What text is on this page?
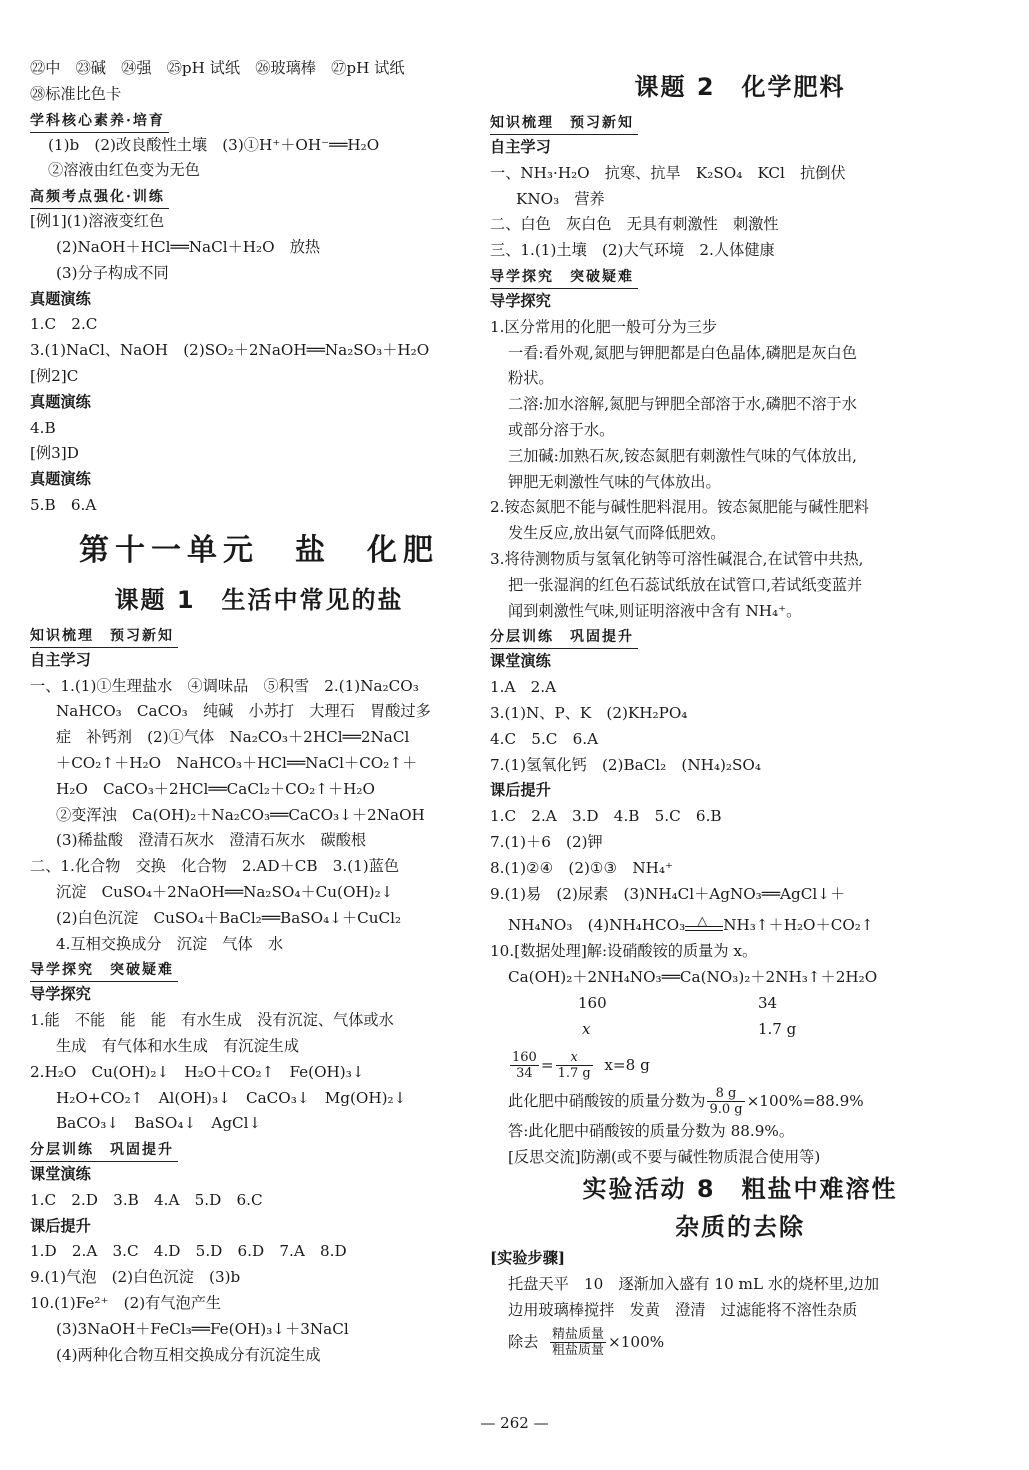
㉒中　㉓碱　㉔强　㉕pH 试纸　㉖玻璃棒　㉗pH 试纸
㉘标准比色卡
学科核心素养·培育
(1)b　(2)改良酸性土壤　(3)①H⁺＋OH⁻══H₂O
②溶液由红色变为无色
高频考点强化·训练
[例1](1)溶液变红色
(2)NaOH＋HCl══NaCl＋H₂O　放热
(3)分子构成不同
真题演练
1.C　2.C
3.(1)NaCl、NaOH　(2)SO₂＋2NaOH══Na₂SO₃＋H₂O
[例2]C
真题演练
4.B
[例3]D
真题演练
5.B　6.A
第十一单元　盐　化肥
课题 1　生活中常见的盐
知识梳理　预习新知
自主学习
一、1.(1)①生理盐水　④调味品　⑤积雪　2.(1)Na₂CO₃
NaHCO₃　CaCO₃　纯碱　小苏打　大理石　胃酸过多
症　补钙剂　(2)①气体　Na₂CO₃＋2HCl══2NaCl
＋CO₂↑＋H₂O　NaHCO₃＋HCl══NaCl＋CO₂↑＋
H₂O　CaCO₃＋2HCl══CaCl₂＋CO₂↑＋H₂O
②变浑浊　Ca(OH)₂＋Na₂CO₃══CaCO₃↓＋2NaOH
(3)稀盐酸　澄清石灰水　澄清石灰水　碳酸根
二、1.化合物　交换　化合物　2.AD＋CB　3.(1)蓝色
沉淀　CuSO₄＋2NaOH══Na₂SO₄＋Cu(OH)₂↓
(2)白色沉淀　CuSO₄＋BaCl₂══BaSO₄↓＋CuCl₂
4.互相交换成分　沉淀　气体　水
导学探究　突破疑难
导学探究
1.能　不能　能　能　有水生成　没有沉淀、气体或水
生成　有气体和水生成　有沉淀生成
2.H₂O　Cu(OH)₂↓　H₂O＋CO₂↑　Fe(OH)₃↓
H₂O+CO₂↑　Al(OH)₃↓　CaCO₃↓　Mg(OH)₂↓
BaCO₃↓　BaSO₄↓　AgCl↓
分层训练　巩固提升
课堂演练
1.C　2.D　3.B　4.A　5.D　6.C
课后提升
1.D　2.A　3.C　4.D　5.D　6.D　7.A　8.D
9.(1)气泡　(2)白色沉淀　(3)b
10.(1)Fe²⁺　(2)有气泡产生
(3)3NaOH＋FeCl₃══Fe(OH)₃↓＋3NaCl
(4)两种化合物互相交换成分有沉淀生成
课题 2　化学肥料
知识梳理　预习新知
自主学习
一、NH₃·H₂O　抗寒、抗旱　K₂SO₄　KCl　抗倒伏
KNO₃　营养
二、白色　灰白色　无具有刺激性　刺激性
三、1.(1)土壤　(2)大气环境　2.人体健康
导学探究　突破疑难
导学探究
1.区分常用的化肥一般可分为三步
一看:看外观,氮肥与钾肥都是白色晶体,磷肥是灰白色
粉状。
二溶:加水溶解,氮肥与钾肥全部溶于水,磷肥不溶于水
或部分溶于水。
三加碱:加熟石灰,铵态氮肥有刺激性气味的气体放出,
钾肥无刺激性气味的气体放出。
2.铵态氮肥不能与碱性肥料混用。铵态氮肥能与碱性肥料
发生反应,放出氨气而降低肥效。
3.将待测物质与氢氧化钠等可溶性碱混合,在试管中共热,
把一张湿润的红色石蕊试纸放在试管口,若试纸变蓝并
闻到刺激性气味,则证明溶液中含有 NH₄⁺。
分层训练　巩固提升
课堂演练
1.A　2.A
3.(1)N、P、K　(2)KH₂PO₄
4.C　5.C　6.A
7.(1)氢氧化钙　(2)BaCl₂　(NH₄)₂SO₄
课后提升
1.C　2.A　3.D　4.B　5.C　6.B
7.(1)＋6　(2)钾
8.(1)②④　(2)①③　NH₄⁺
9.(1)易　(2)尿素　(3)NH₄Cl＋AgNO₃══AgCl↓＋
NH₄NO₃　(4)NH₄HCO₃ △ NH₃↑＋H₂O＋CO₂↑
10.[数据处理]解:设硝酸铵的质量为 x。
Ca(OH)₂＋2NH₄NO₃══Ca(NO₃)₂＋2NH₃↑＋2H₂O
160	34
x	1.7 g
$\frac{160}{34} = \frac{x}{1.7 g} x=8$ g
此化肥中硝酸铵的质量分数为 $\frac{8 g}{9.0 g} \times 100\%=88.9\%$
答:此化肥中硝酸铵的质量分数为 88.9%。
[反思交流]防潮(或不要与碱性物质混合使用等)
实验活动 8　粗盐中难溶性
杂质的去除
[实验步骤]
托盘天平　10　逐渐加入盛有 10 mL 水的烧杯里,边加
边用玻璃棒搅拌　发黄　澄清　过滤能将不溶性杂质
除去 $\frac{\text{精盐质量}}{\text{粗盐质量}} \times 100\%$
— 262 —
